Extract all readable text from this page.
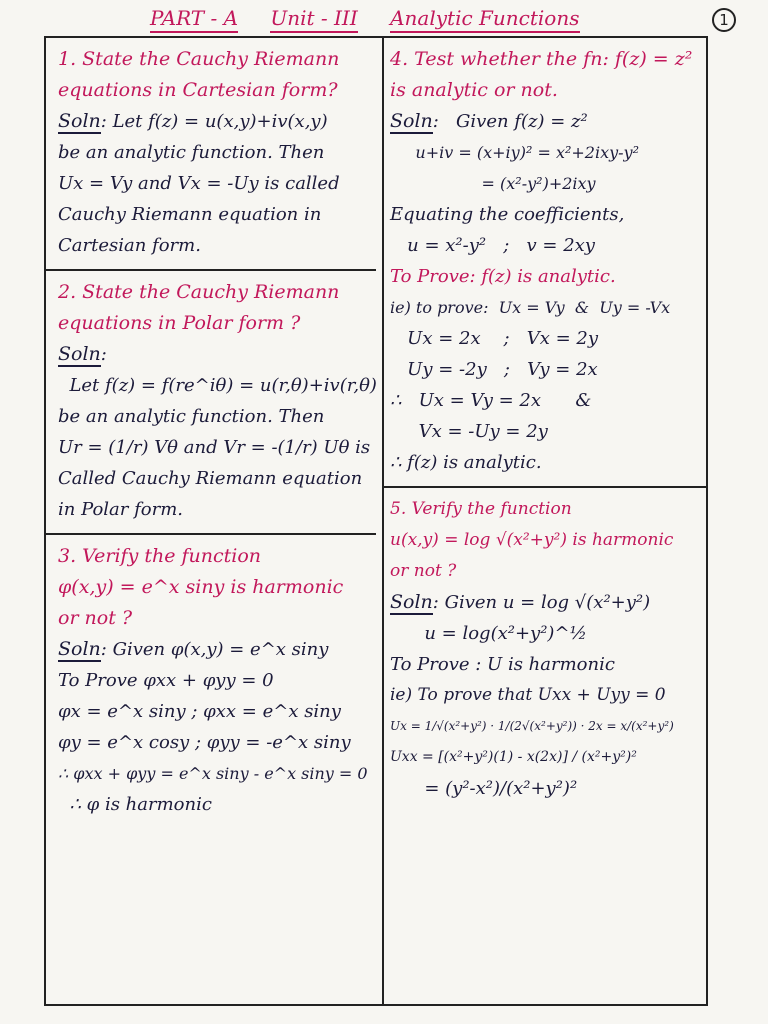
PART - A Unit - III Analytic Functions	1
1. State the Cauchy Riemann
equations in Cartesian form?
Soln: Let f(z) = u(x,y)+iv(x,y)
be an analytic function. Then
Ux = Vy and Vx = -Uy is called
Cauchy Riemann equation in
Cartesian form.
2. State the Cauchy Riemann
equations in Polar form ?
Soln:
Let f(z) = f(re^iθ) = u(r,θ)+iv(r,θ)
be an analytic function. Then
Ur = (1/r) Vθ and Vr = -(1/r) Uθ is
Called Cauchy Riemann equation
in Polar form.
3. Verify the function
φ(x,y) = e^x siny is harmonic
or not ?
Soln: Given φ(x,y) = e^x siny
To Prove φxx + φyy = 0
φx = e^x siny ; φxx = e^x siny
φy = e^x cosy ; φyy = -e^x siny
∴ φxx + φyy = e^x siny - e^x siny = 0
∴ φ is harmonic
4. Test whether the fn: f(z) = z²
is analytic or not.
Soln:   Given f(z) = z²
u+iv = (x+iy)² = x²+2ixy-y²
= (x²-y²)+2ixy
Equating the coefficients,
u = x²-y²   ;   v = 2xy
To Prove: f(z) is analytic.
ie) to prove:  Ux = Vy  &  Uy = -Vx
Ux = 2x    ;   Vx = 2y
Uy = -2y   ;   Vy = 2x
∴   Ux = Vy = 2x      &
Vx = -Uy = 2y
∴ f(z) is analytic.
5. Verify the function
u(x,y) = log √(x²+y²) is harmonic
or not ?
Soln: Given u = log √(x²+y²)
u = log(x²+y²)^½
To Prove : U is harmonic
ie) To prove that Uxx + Uyy = 0
Ux = 1/√(x²+y²) · 1/(2√(x²+y²)) · 2x = x/(x²+y²)
Uxx = [(x²+y²)(1) - x(2x)] / (x²+y²)²
= (y²-x²)/(x²+y²)²
